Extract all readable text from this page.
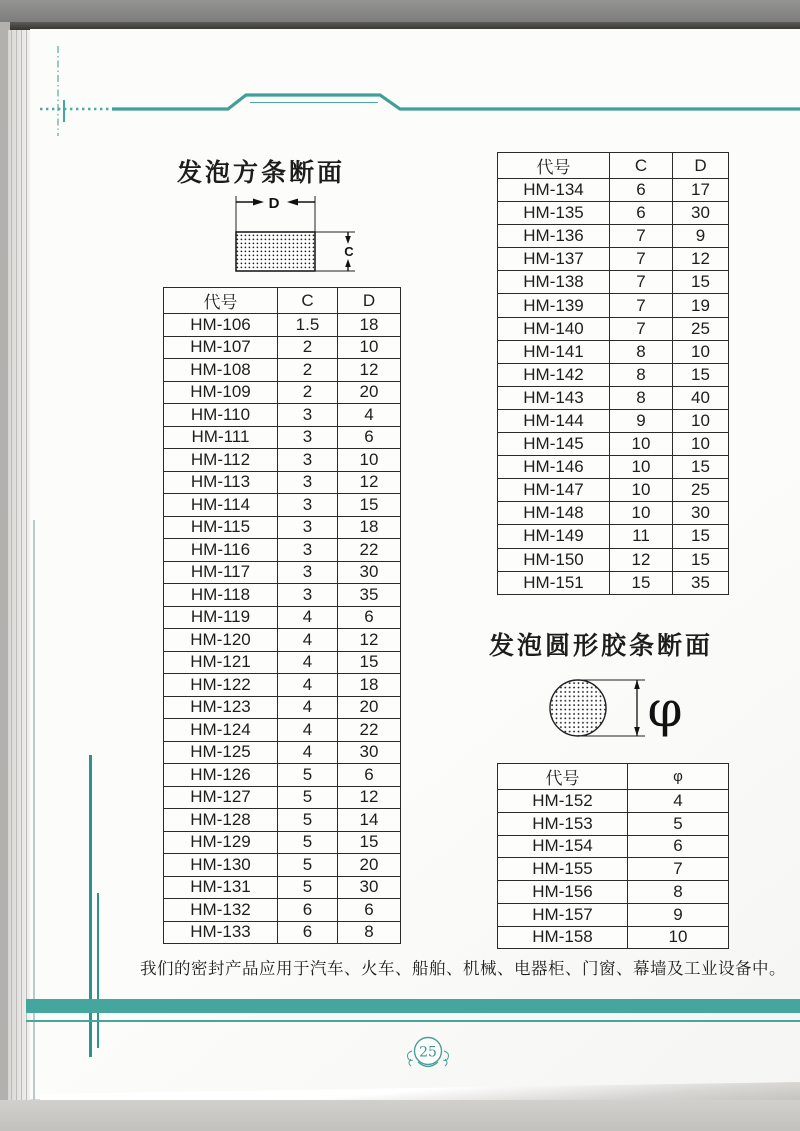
发泡方条断面
D
C
代号	C	D
HM-106	1.5	18
HM-107	2	10
HM-108	2	12
HM-109	2	20
HM-110	3	4
HM-111	3	6
HM-112	3	10
HM-113	3	12
HM-114	3	15
HM-115	3	18
HM-116	3	22
HM-117	3	30
HM-118	3	35
HM-119	4	6
HM-120	4	12
HM-121	4	15
HM-122	4	18
HM-123	4	20
HM-124	4	22
HM-125	4	30
HM-126	5	6
HM-127	5	12
HM-128	5	14
HM-129	5	15
HM-130	5	20
HM-131	5	30
HM-132	6	6
HM-133	6	8
代号	C	D
HM-134	6	17
HM-135	6	30
HM-136	7	9
HM-137	7	12
HM-138	7	15
HM-139	7	19
HM-140	7	25
HM-141	8	10
HM-142	8	15
HM-143	8	40
HM-144	9	10
HM-145	10	10
HM-146	10	15
HM-147	10	25
HM-148	10	30
HM-149	11	15
HM-150	12	15
HM-151	15	35
发泡圆形胶条断面
φ
代号	φ
HM-152	4
HM-153	5
HM-154	6
HM-155	7
HM-156	8
HM-157	9
HM-158	10
我们的密封产品应用于汽车、火车、船舶、机械、电器柜、门窗、幕墙及工业设备中。
25
